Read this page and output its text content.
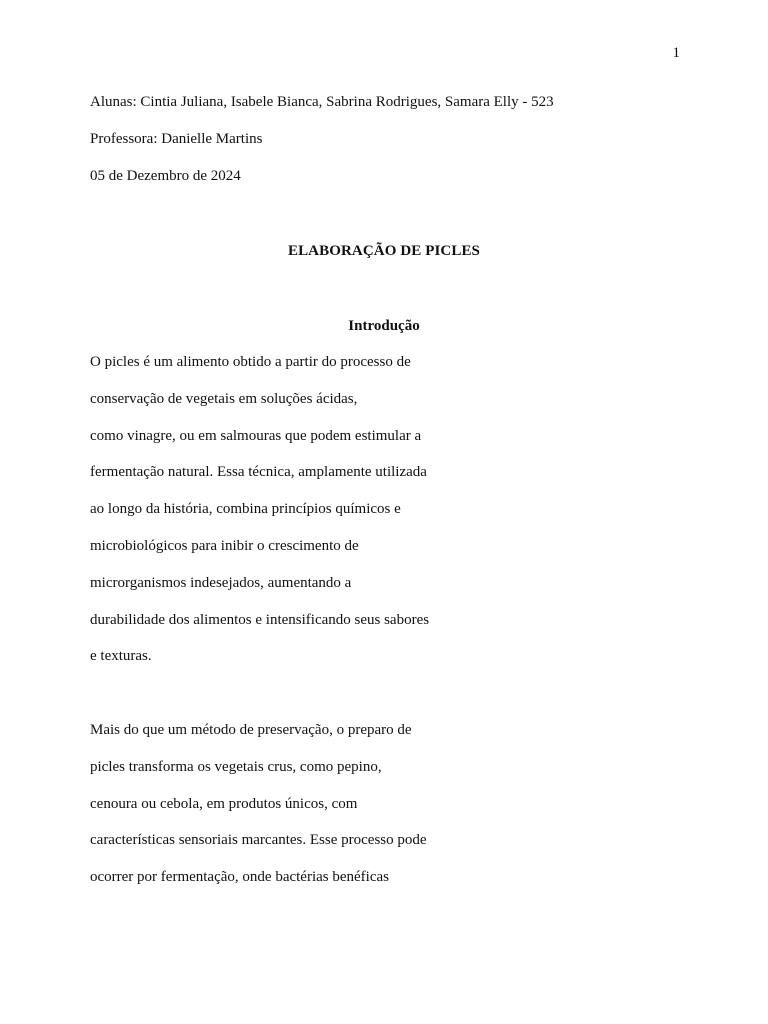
1
Alunas: Cintia Juliana, Isabele Bianca, Sabrina Rodrigues, Samara Elly - 523
Professora: Danielle Martins
05 de Dezembro de 2024
ELABORAÇÃO DE PICLES
Introdução
O picles é um alimento obtido a partir do processo de
conservação de vegetais em soluções ácidas,
como vinagre, ou em salmouras que podem estimular a
fermentação natural. Essa técnica, amplamente utilizada
ao longo da história, combina princípios químicos e
microbiológicos para inibir o crescimento de
microrganismos indesejados, aumentando a
durabilidade dos alimentos e intensificando seus sabores
e texturas.
Mais do que um método de preservação, o preparo de
picles transforma os vegetais crus, como pepino,
cenoura ou cebola, em produtos únicos, com
características sensoriais marcantes. Esse processo pode
ocorrer por fermentação, onde bactérias benéficas
